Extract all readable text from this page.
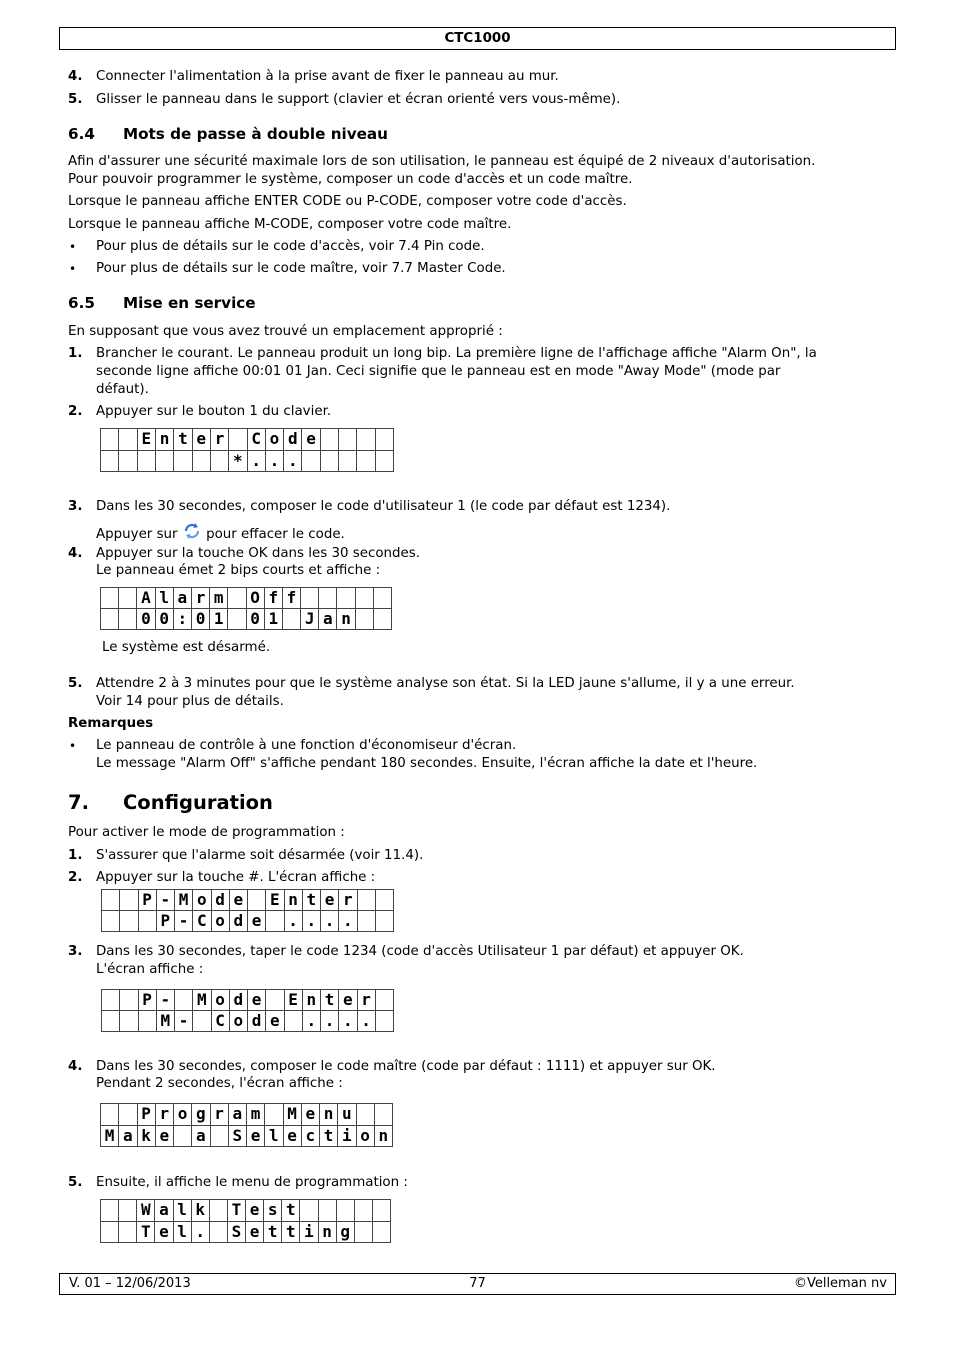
CTC1000
4. Connecter l'alimentation à la prise avant de fixer le panneau au mur.
5. Glisser le panneau dans le support (clavier et écran orienté vers vous-même).
6.4 Mots de passe à double niveau
Afin d'assurer une sécurité maximale lors de son utilisation, le panneau est équipé de 2 niveaux d'autorisation.
Pour pouvoir programmer le système, composer un code d'accès et un code maître.
Lorsque le panneau affiche ENTER CODE ou P-CODE, composer votre code d'accès.
Lorsque le panneau affiche M-CODE, composer votre code maître.
• Pour plus de détails sur le code d'accès, voir 7.4 Pin code.
• Pour plus de détails sur le code maître, voir 7.7 Master Code.
6.5 Mise en service
En supposant que vous avez trouvé un emplacement approprié :
1. Brancher le courant. Le panneau produit un long bip. La première ligne de l'affichage affiche "Alarm On", la
seconde ligne affiche 00:01 01 Jan. Ceci signifie que le panneau est en mode "Away Mode" (mode par
défaut).
2. Appuyer sur le bouton 1 du clavier.
		E	n	t	e	r		C	o	d	e				
							*	.	.	.					
3. Dans les 30 secondes, composer le code d'utilisateur 1 (le code par défaut est 1234).
Appuyer sur pour effacer le code.
4. Appuyer sur la touche OK dans les 30 secondes.
Le panneau émet 2 bips courts et affiche :
		A	l	a	r	m		O	f	f					
		0	0	:	0	1		0	1		J	a	n		
Le système est désarmé.
5. Attendre 2 à 3 minutes pour que le système analyse son état. Si la LED jaune s'allume, il y a une erreur.
Voir 14 pour plus de détails.
Remarques
• Le panneau de contrôle à une fonction d'économiseur d'écran.
Le message "Alarm Off" s'affiche pendant 180 secondes. Ensuite, l'écran affiche la date et l'heure.
7. Configuration
Pour activer le mode de programmation :
1. S'assurer que l'alarme soit désarmée (voir 11.4).
2. Appuyer sur la touche #. L'écran affiche :
		P	-	M	o	d	e		E	n	t	e	r		
			P	-	C	o	d	e		.	.	.	.		
3. Dans les 30 secondes, taper le code 1234 (code d'accès Utilisateur 1 par défaut) et appuyer OK.
L'écran affiche :
		P	-		M	o	d	e		E	n	t	e	r	
			M	-		C	o	d	e		.	.	.	.	
4. Dans les 30 secondes, composer le code maître (code par défaut : 1111) et appuyer sur OK.
Pendant 2 secondes, l'écran affiche :
		P	r	o	g	r	a	m		M	e	n	u		
M	a	k	e		a		S	e	l	e	c	t	i	o	n
5. Ensuite, il affiche le menu de programmation :
		W	a	l	k		T	e	s	t					
		T	e	l	.		S	e	t	t	i	n	g		
V. 01 – 12/06/2013	77	©Velleman nv
